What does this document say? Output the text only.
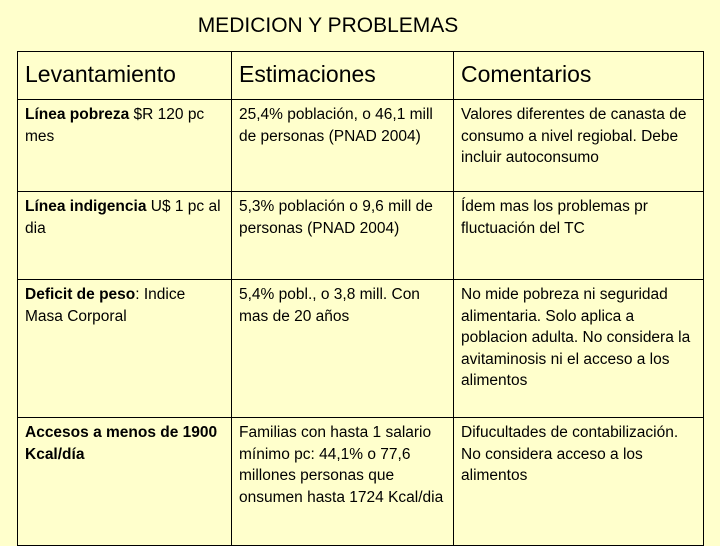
MEDICION Y PROBLEMAS
Levantamiento	Estimaciones	Comentarios
Línea pobreza $R 120 pc mes	25,4% población, o 46,1 mill de personas (PNAD 2004)	Valores diferentes de canasta de consumo a nivel regiobal. Debe incluir autoconsumo
Línea indigencia U$ 1 pc al dia	5,3% población o 9,6 mill de personas (PNAD 2004)	Ídem mas los problemas pr fluctuación del TC
Deficit de peso: Indice Masa Corporal	5,4% pobl., o 3,8 mill. Con mas de 20 años	No mide pobreza ni seguridad alimentaria. Solo aplica a poblacion adulta. No considera la avitaminosis ni el acceso a los alimentos
Accesos a menos de 1900 Kcal/día	Familias con hasta 1 salario mínimo pc: 44,1% o 77,6 millones personas que onsumen hasta 1724 Kcal/dia	Difucultades de contabilización. No considera acceso a los alimentos
